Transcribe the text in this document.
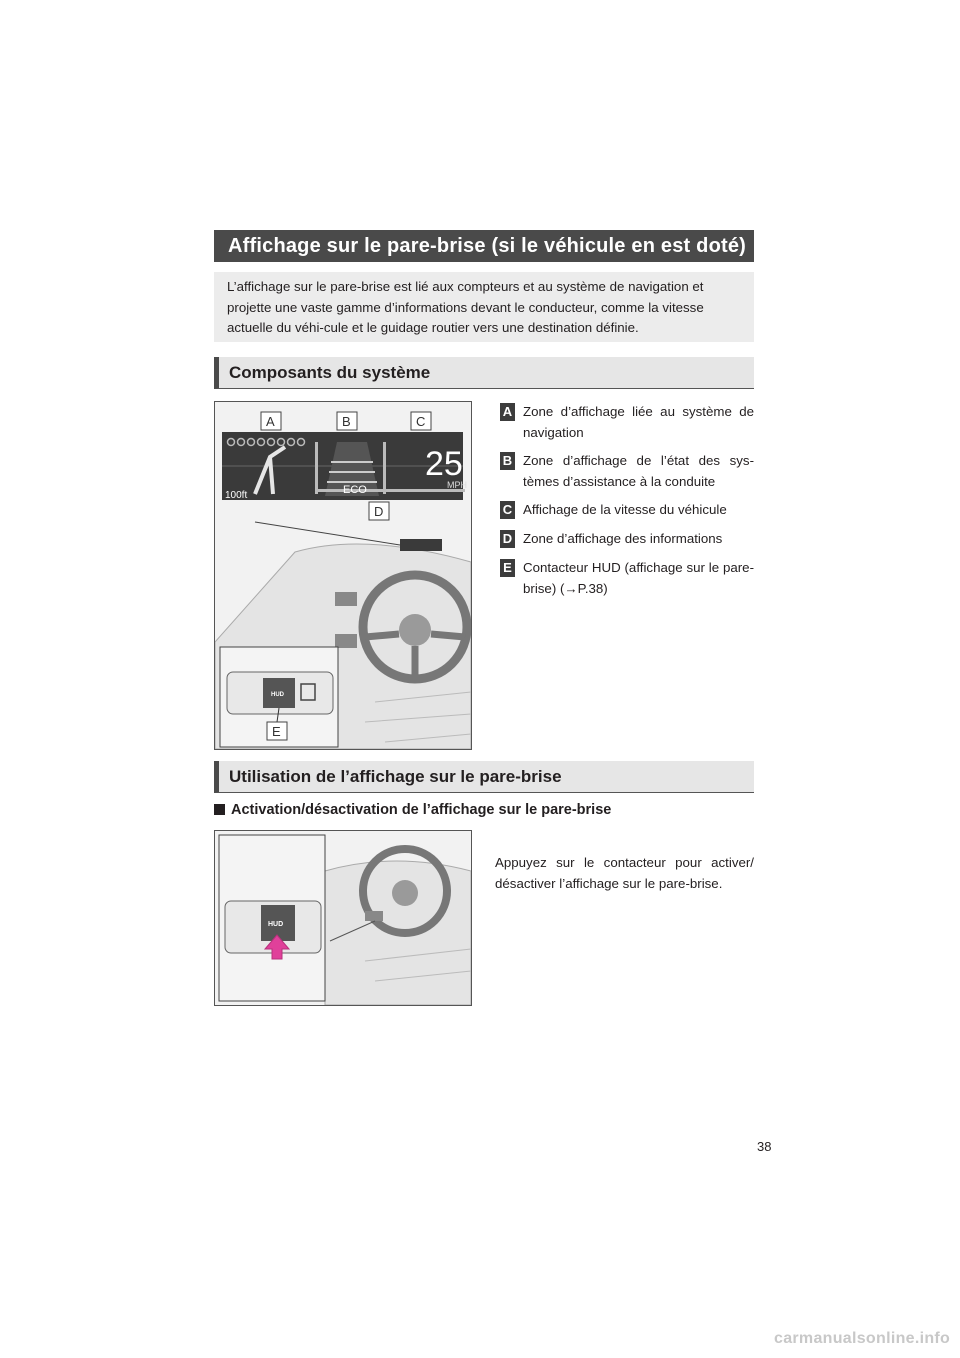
Affichage sur le pare-brise (si le véhicule en est doté)
L’affichage sur le pare-brise est lié aux compteurs et au système de navigation et projette une vaste gamme d’informations devant le conducteur, comme la vitesse actuelle du véhi-cule et le guidage routier vers une destination définie.
Composants du système
25
MPH
ECO
100ft
HUD
A	B	C
D
E
A Zone d’affichage liée au système de navigation
B Zone d’affichage de l’état des sys-tèmes d’assistance à la conduite
C Affichage de la vitesse du véhicule
D Zone d’affichage des informations
E Contacteur HUD (affichage sur le pare-brise) (→P.38)
Utilisation de l’affichage sur le pare-brise
Activation/désactivation de l’affichage sur le pare-brise
HUD
Appuyez sur le contacteur pour activer/ désactiver l’affichage sur le pare-brise.
38
carmanualsonline.info
